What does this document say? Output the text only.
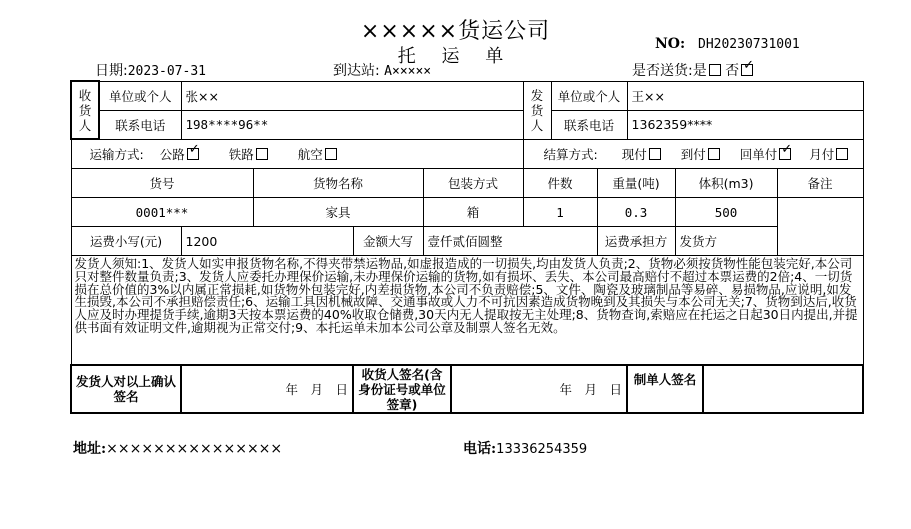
×××××货运公司
托 运 单
NO: DH20230731001
日期:2023-07-31	到达站: A×××××	是否送货:是 否✓
收货人	单位或个人	张××					发货人	单位或个人		王××			
	联系电话	198****96**						联系电话		1362359****			
运输方式: 公路 ✓ 铁路 航空							结算方式: 现付 到付 回单付 ✓ 月付
货号			货物名称		包装方式		件数		重量(吨)		体积(m3)		备注
0001***			家具		箱		1		0.3		500		
运费小写(元)		1200		金额大写	壹仟贰佰圆整				运费承担方		发货方		
发货人须知:1、发货人如实申报货物名称,不得夹带禁运物品,如虚报造成的一切损失,均由发货人负责;2、货物必须按货物性能包装完好,本公司只对整件数量负责;3、发货人应委托办理保价运输,未办理保价运输的货物,如有损坏、丢失、本公司最高赔付不超过本票运费的2倍;4、一切货损在总价值的3%以内属正常损耗,如货物外包装完好,内差损货物,本公司不负责赔偿;5、文件、陶瓷及玻璃制品等易碎、易损物品,应说明,如发生损毁,本公司不承担赔偿责任;6、运输工具因机械故障、交通事故或人力不可抗因素造成货物晚到及其损失与本公司无关;7、货物到达后,收货人应及时办理提货手续,逾期3天按本票运费的40%收取仓储费,30天内无人提取按无主处理;8、货物查询,索赔应在托运之日起30日内提出,并提供书面有效证明文件,逾期视为正常交付;9、本托运单未加本公司公章及制票人签名无效。													
发货人对以上确认签名		年　月　日		收货人签名(含身份证号或单位签章)		年　月　日				制单人签名			
地址:×××××××××××××××	电话:13336254359
